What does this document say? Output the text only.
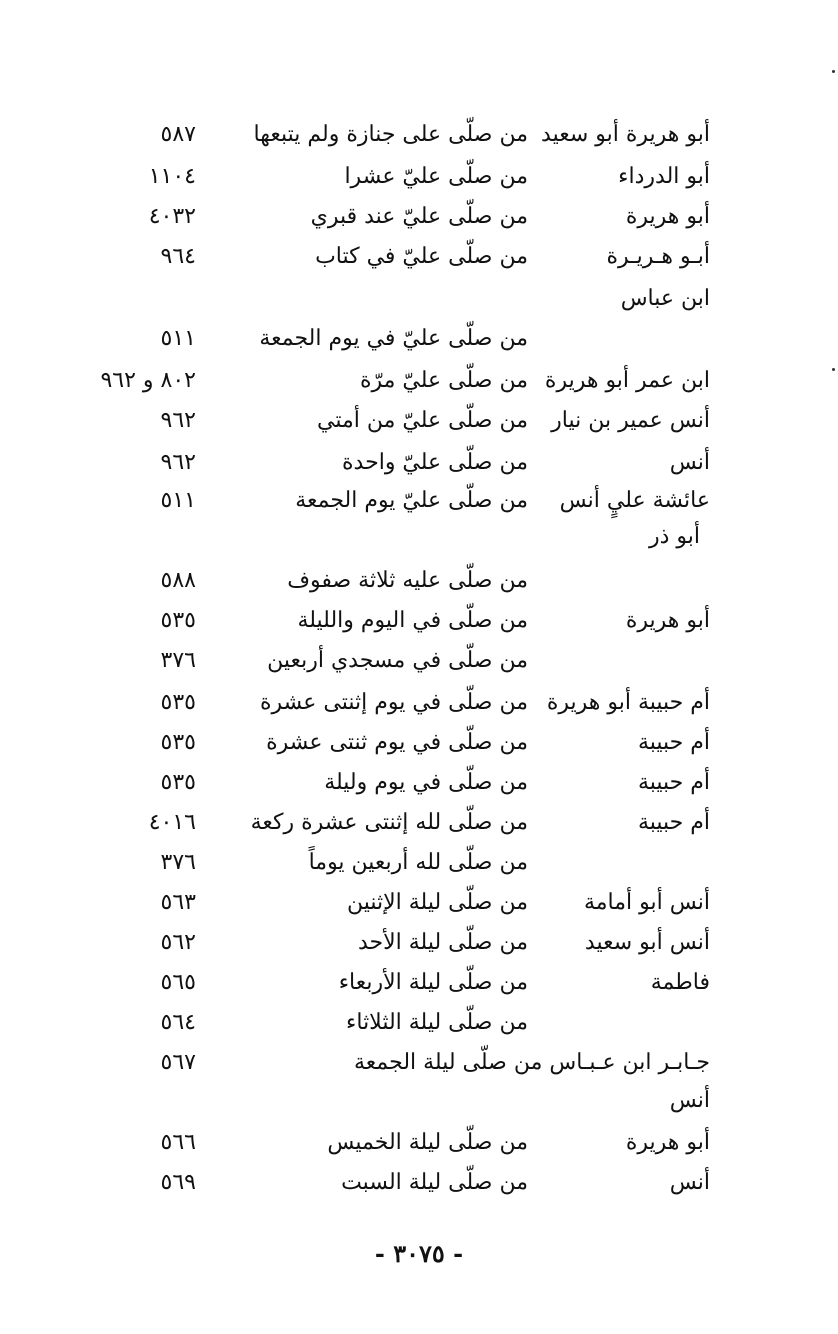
أبو هريرة أبو سعيد
من صلّى على جنازة ولم يتبعها
٥٨٧
أبو الدرداء
من صلّى عليّ عشرا
١١٠٤
أبو هريرة
من صلّى عليّ عند قبري
٤٠٣٢
أبـو هـريـرة
من صلّى عليّ في كتاب
٩٦٤
ابن عباس
من صلّى عليّ في يوم الجمعة
٥١١
ابن عمر أبو هريرة
من صلّى عليّ مرّة
٨٠٢ و ٩٦٢
أنس عمير بن نيار
من صلّى عليّ من أمتي
٩٦٢
أنس
من صلّى عليّ واحدة
٩٦٢
عائشة عليٍ أنس
من صلّى عليّ يوم الجمعة
٥١١
أبو ذر
من صلّى عليه ثلاثة صفوف
٥٨٨
أبو هريرة
من صلّى في اليوم والليلة
٥٣٥
من صلّى في مسجدي أربعين
٣٧٦
أم حبيبة أبو هريرة
من صلّى في يوم إثنتى عشرة
٥٣٥
أم حبيبة
من صلّى في يوم ثنتى عشرة
٥٣٥
أم حبيبة
من صلّى في يوم وليلة
٥٣٥
أم حبيبة
من صلّى لله إثنتى عشرة ركعة
٤٠١٦
من صلّى لله أربعين يوماً
٣٧٦
أنس أبو أمامة
من صلّى ليلة الإثنين
٥٦٣
أنس أبو سعيد
من صلّى ليلة الأحد
٥٦٢
فاطمة
من صلّى ليلة الأربعاء
٥٦٥
من صلّى ليلة الثلاثاء
٥٦٤
جـابـر ابن عـبـاس من صلّى ليلة الجمعة
٥٦٧
أنس
أبو هريرة
من صلّى ليلة الخميس
٥٦٦
أنس
من صلّى ليلة السبت
٥٦٩
- ٣٠٧٥ -
